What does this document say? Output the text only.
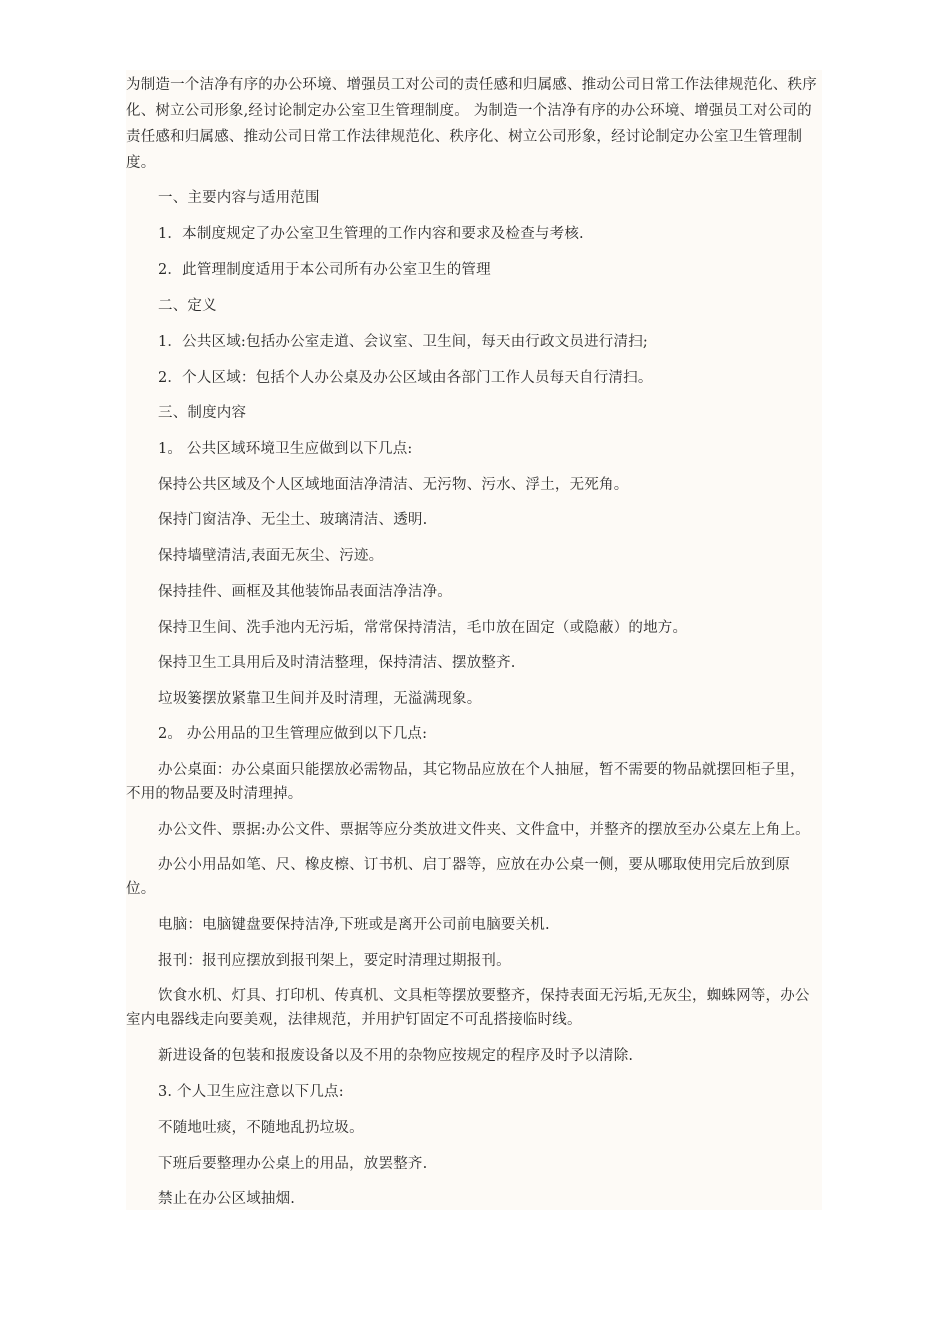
为制造一个洁净有序的办公环境、增强员工对公司的责任感和归属感、推动公司日常工作法律规范化、秩序化、树立公司形象,经讨论制定办公室卫生管理制度。 为制造一个洁净有序的办公环境、增强员工对公司的责任感和归属感、推动公司日常工作法律规范化、秩序化、树立公司形象，经讨论制定办公室卫生管理制度。

一、主要内容与适用范围

1．本制度规定了办公室卫生管理的工作内容和要求及检查与考核.

2．此管理制度适用于本公司所有办公室卫生的管理

二、定义

1．公共区域:包括办公室走道、会议室、卫生间，每天由行政文员进行清扫;

2．个人区域：包括个人办公桌及办公区域由各部门工作人员每天自行清扫。

三、制度内容

1。 公共区域环境卫生应做到以下几点:

保持公共区域及个人区域地面洁净清洁、无污物、污水、浮土，无死角。

保持门窗洁净、无尘土、玻璃清洁、透明.

保持墙壁清洁,表面无灰尘、污迹。

保持挂件、画框及其他装饰品表面洁净洁净。

保持卫生间、洗手池内无污垢，常常保持清洁，毛巾放在固定（或隐蔽）的地方。

保持卫生工具用后及时清洁整理，保持清洁、摆放整齐.

垃圾篓摆放紧靠卫生间并及时清理，无溢满现象。

2。 办公用品的卫生管理应做到以下几点:

办公桌面：办公桌面只能摆放必需物品，其它物品应放在个人抽屉，暂不需要的物品就摆回柜子里，不用的物品要及时清理掉。

办公文件、票据:办公文件、票据等应分类放进文件夹、文件盒中，并整齐的摆放至办公桌左上角上。

办公小用品如笔、尺、橡皮檫、订书机、启丁器等，应放在办公桌一侧，要从哪取使用完后放到原位。

电脑：电脑键盘要保持洁净,下班或是离开公司前电脑要关机.

报刊：报刊应摆放到报刊架上，要定时清理过期报刊。

饮食水机、灯具、打印机、传真机、文具柜等摆放要整齐，保持表面无污垢,无灰尘，蜘蛛网等，办公室内电器线走向要美观，法律规范，并用护钉固定不可乱搭接临时线。

新进设备的包装和报废设备以及不用的杂物应按规定的程序及时予以清除.

3. 个人卫生应注意以下几点:

不随地吐痰，不随地乱扔垃圾。

下班后要整理办公桌上的用品，放罢整齐.

禁止在办公区域抽烟.
